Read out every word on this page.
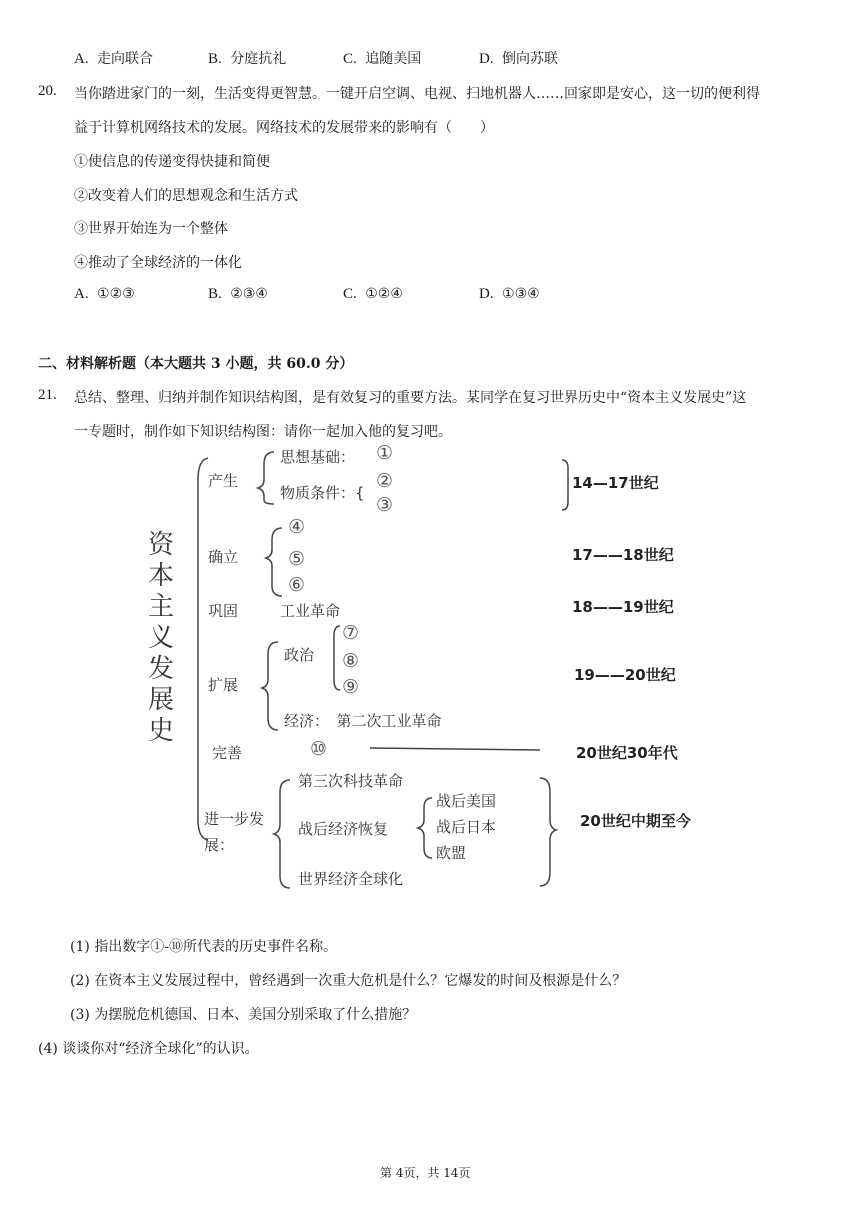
A. 走向联合	B. 分庭抗礼	C. 追随美国	D. 倒向苏联
20. 当你踏进家门的一刻，生活变得更智慧。一键开启空调、电视、扫地机器人……回家即是安心，这一切的便利得
益于计算机网络技术的发展。网络技术的发展带来的影响有（　　）
①使信息的传递变得快捷和简便
②改变着人们的思想观念和生活方式
③世界开始连为一个整体
④推动了全球经济的一体化
A. ①②③	B. ②③④	C. ①②④	D. ①③④
二、材料解析题（本大题共 3 小题，共 60.0 分）
21. 总结、整理、归纳并制作知识结构图，是有效复习的重要方法。某同学在复习世界历史中“资本主义发展史”这
一专题时，制作如下知识结构图：请你一起加入他的复习吧。
资本主义发展史
产生
确立
巩固
扩展
完善
进一步发
展：
思想基础：
物质条件：{
①
②
③
④
⑤
⑥
工业革命
政治
⑦
⑧
⑨
经济：　第二次工业革命
⑩
第三次科技革命
战后经济恢复
战后美国
战后日本
欧盟
世界经济全球化
14—17世纪
17——18世纪
18——19世纪
19——20世纪
20世纪30年代
20世纪中期至今
(1) 指出数字①-⑩所代表的历史事件名称。
(2) 在资本主义发展过程中，曾经遇到一次重大危机是什么？它爆发的时间及根源是什么？
(3) 为摆脱危机德国、日本、美国分别采取了什么措施？
(4) 谈谈你对“经济全球化”的认识。
第 4页，共 14页
